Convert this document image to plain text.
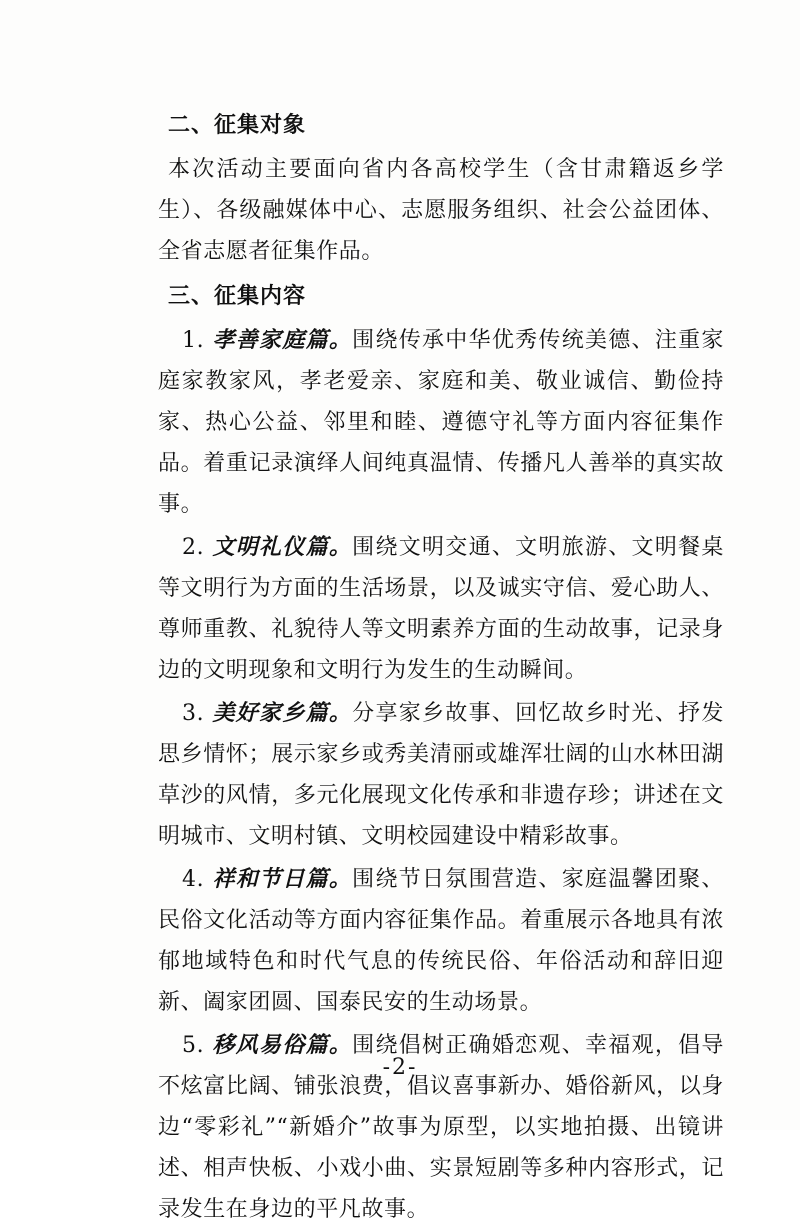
二、征集对象

本次活动主要面向省内各高校学生（含甘肃籍返乡学生）、各级融媒体中心、志愿服务组织、社会公益团体、全省志愿者征集作品。

三、征集内容

1. 孝善家庭篇。围绕传承中华优秀传统美德、注重家庭家教家风，孝老爱亲、家庭和美、敬业诚信、勤俭持家、热心公益、邻里和睦、遵德守礼等方面内容征集作品。着重记录演绎人间纯真温情、传播凡人善举的真实故事。

2. 文明礼仪篇。围绕文明交通、文明旅游、文明餐桌等文明行为方面的生活场景，以及诚实守信、爱心助人、尊师重教、礼貌待人等文明素养方面的生动故事，记录身边的文明现象和文明行为发生的生动瞬间。

3. 美好家乡篇。分享家乡故事、回忆故乡时光、抒发思乡情怀；展示家乡或秀美清丽或雄浑壮阔的山水林田湖草沙的风情，多元化展现文化传承和非遗存珍；讲述在文明城市、文明村镇、文明校园建设中精彩故事。

4. 祥和节日篇。围绕节日氛围营造、家庭温馨团聚、民俗文化活动等方面内容征集作品。着重展示各地具有浓郁地域特色和时代气息的传统民俗、年俗活动和辞旧迎新、阖家团圆、国泰民安的生动场景。

5. 移风易俗篇。围绕倡树正确婚恋观、幸福观，倡导不炫富比阔、铺张浪费，倡议喜事新办、婚俗新风，以身边“零彩礼”“新婚介”故事为原型，以实地拍摄、出镜讲述、相声快板、小戏小曲、实景短剧等多种内容形式，记录发生在身边的平凡故事。

-2-
